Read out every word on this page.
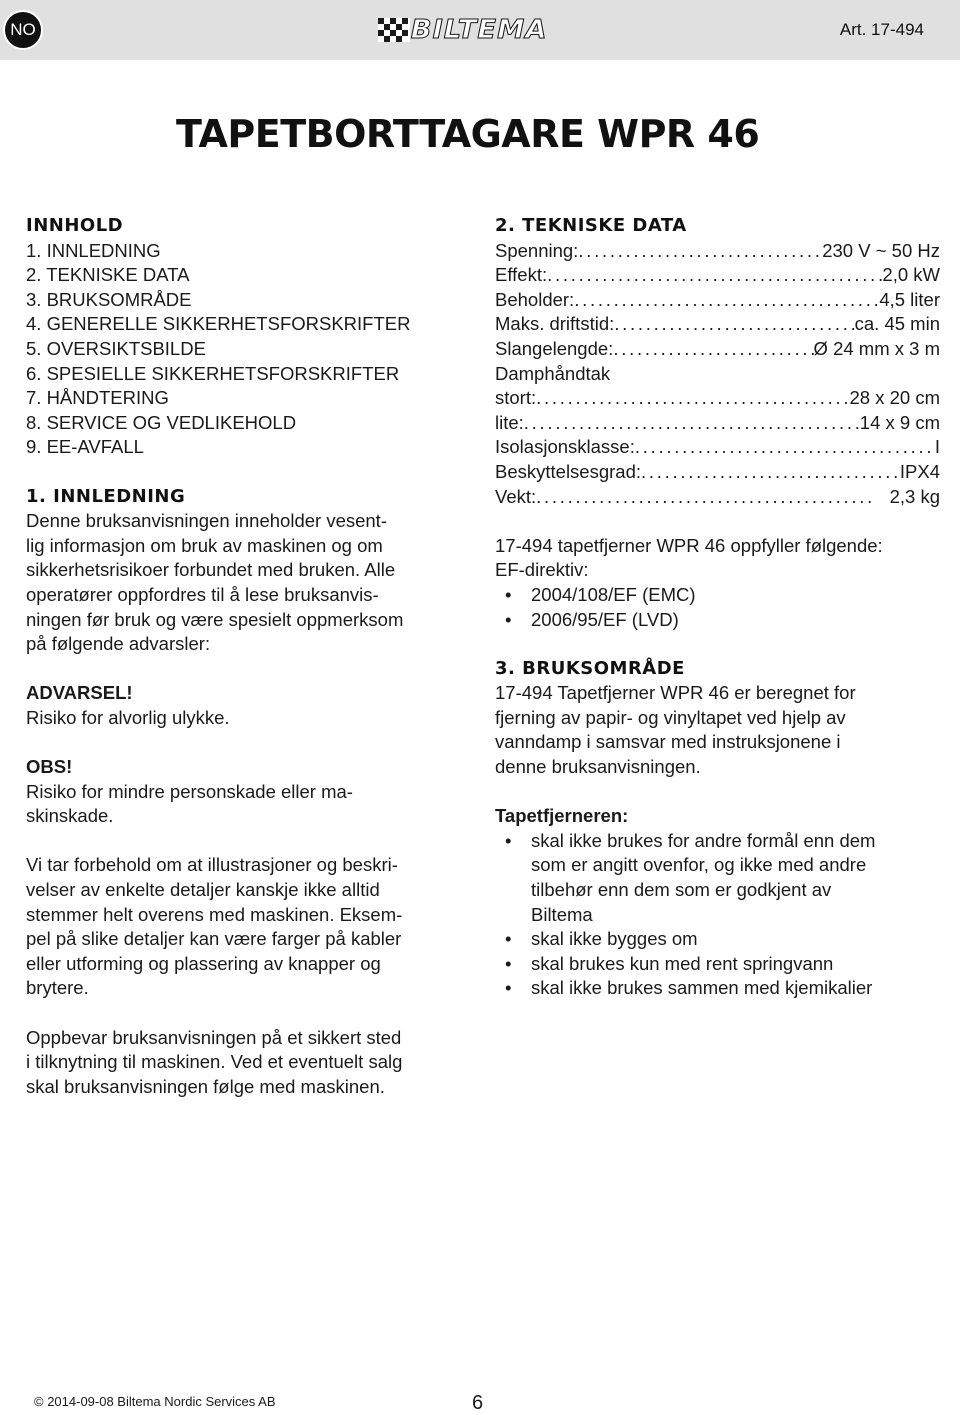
NO	BILTEMA	Art. 17-494
TAPETBORTTAGARE WPR 46
INNHOLD
1. INNLEDNING
2. TEKNISKE DATA
3. BRUKSOMRÅDE
4. GENERELLE SIKKERHETSFORSKRIFTER
5. OVERSIKTSBILDE
6. SPESIELLE SIKKERHETSFORSKRIFTER
7. HÅNDTERING
8. SERVICE OG VEDLIKEHOLD
9. EE-AVFALL
1. INNLEDNING

Denne bruksanvisningen inneholder vesent-
lig informasjon om bruk av maskinen og om
sikkerhetsrisikoer forbundet med bruken. Alle
operatører oppfordres til å lese bruksanvis-
ningen før bruk og være spesielt oppmerksom
på følgende advarsler:

ADVARSEL!

Risiko for alvorlig ulykke.

OBS!

Risiko for mindre personskade eller ma-
skinskade.

Vi tar forbehold om at illustrasjoner og beskri-
velser av enkelte detaljer kanskje ikke alltid
stemmer helt overens med maskinen. Eksem-
pel på slike detaljer kan være farger på kabler
eller utforming og plassering av knapper og
brytere.

Oppbevar bruksanvisningen på et sikkert sted
i tilknytning til maskinen. Ved et eventuelt salg
skal bruksanvisningen følge med maskinen.

2. TEKNISKE DATA
Spenning: . . .	230 V ~ 50 Hz
Effekt: . . .	2,0 kW
Beholder: . . .	4,5 liter
Maks. driftstid: . . .	ca. 45 min
Slangelengde: . . .	Ø 24 mm x 3 m
Damphåndtak
stort: . . .	28 x 20 cm
lite: . . .	14 x 9 cm
Isolasjonsklasse: . . .	I
Beskyttelsesgrad: . . .	IPX4
Vekt: . . .	2,3 kg

17-494 tapetfjerner WPR 46 oppfyller følgende:
EF-direktiv:

• 2004/108/EF (EMC)
• 2006/95/EF (LVD)
3. BRUKSOMRÅDE

17-494 Tapetfjerner WPR 46 er beregnet for
fjerning av papir- og vinyltapet ved hjelp av
vanndamp i samsvar med instruksjonene i
denne bruksanvisningen.

Tapetfjerneren:
• skal ikke brukes for andre formål enn dem
som er angitt ovenfor, og ikke med andre
tilbehør enn dem som er godkjent av
Biltema
• skal ikke bygges om
• skal brukes kun med rent springvann
• skal ikke brukes sammen med kjemikalier
© 2014-09-08 Biltema Nordic Services AB	6
